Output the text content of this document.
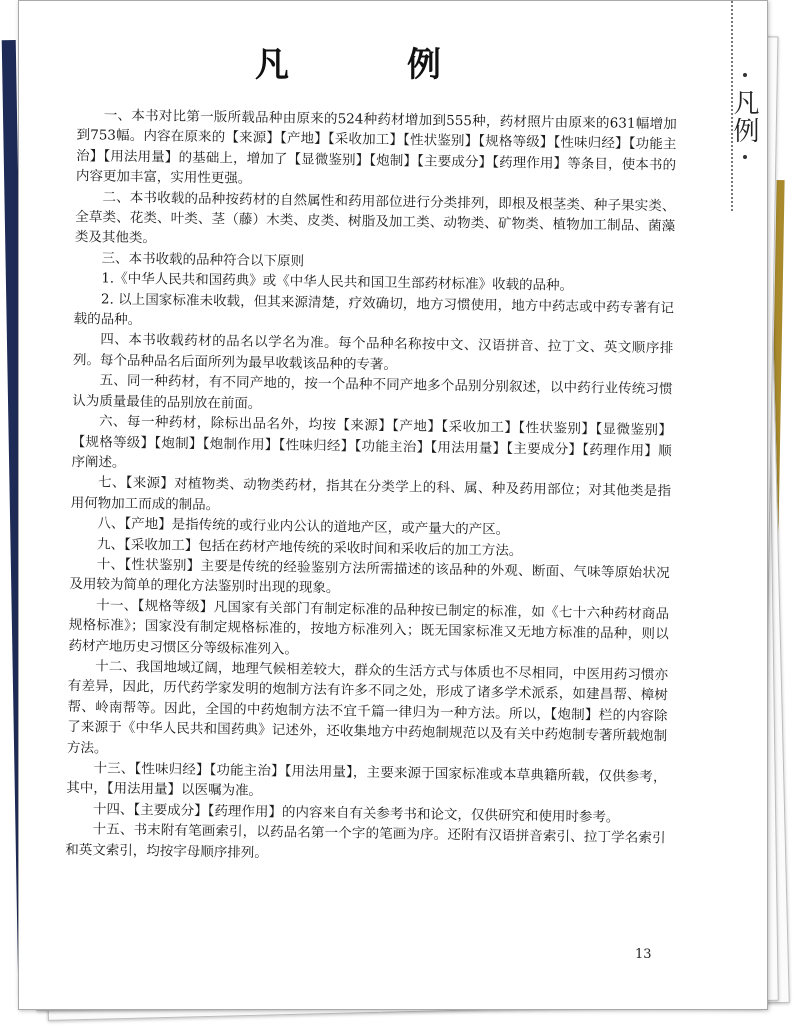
凡例
凡　例

一、本书对比第一版所载品种由原来的524种药材增加到555种，药材照片由原来的631幅增加到753幅。内容在原来的【来源】【产地】【采收加工】【性状鉴别】【规格等级】【性味归经】【功能主治】【用法用量】的基础上，增加了【显微鉴别】【炮制】【主要成分】【药理作用】等条目，使本书的内容更加丰富，实用性更强。

二、本书收载的品种按药材的自然属性和药用部位进行分类排列，即根及根茎类、种子果实类、全草类、花类、叶类、茎（藤）木类、皮类、树脂及加工类、动物类、矿物类、植物加工制品、菌藻类及其他类。

三、本书收载的品种符合以下原则

1.《中华人民共和国药典》或《中华人民共和国卫生部药材标准》收载的品种。

2. 以上国家标准未收载，但其来源清楚，疗效确切，地方习惯使用，地方中药志或中药专著有记载的品种。

四、本书收载药材的品名以学名为准。每个品种名称按中文、汉语拼音、拉丁文、英文顺序排列。每个品种品名后面所列为最早收载该品种的专著。

五、同一种药材，有不同产地的，按一个品种不同产地多个品别分别叙述，以中药行业传统习惯认为质量最佳的品别放在前面。

六、每一种药材，除标出品名外，均按【来源】【产地】【采收加工】【性状鉴别】【显微鉴别】【规格等级】【炮制】【炮制作用】【性味归经】【功能主治】【用法用量】【主要成分】【药理作用】顺序阐述。

七、【来源】对植物类、动物类药材，指其在分类学上的科、属、种及药用部位；对其他类是指用何物加工而成的制品。

八、【产地】是指传统的或行业内公认的道地产区，或产量大的产区。

九、【采收加工】包括在药材产地传统的采收时间和采收后的加工方法。

十、【性状鉴别】主要是传统的经验鉴别方法所需描述的该品种的外观、断面、气味等原始状况及用较为简单的理化方法鉴别时出现的现象。

十一、【规格等级】凡国家有关部门有制定标准的品种按已制定的标准，如《七十六种药材商品规格标准》；国家没有制定规格标准的，按地方标准列入；既无国家标准又无地方标准的品种，则以药材产地历史习惯区分等级标准列入。

十二、我国地域辽阔，地理气候相差较大，群众的生活方式与体质也不尽相同，中医用药习惯亦有差异，因此，历代药学家发明的炮制方法有许多不同之处，形成了诸多学术派系，如建昌帮、樟树帮、岭南帮等。因此，全国的中药炮制方法不宜千篇一律归为一种方法。所以，【炮制】栏的内容除了来源于《中华人民共和国药典》记述外，还收集地方中药炮制规范以及有关中药炮制专著所载炮制方法。

十三、【性味归经】【功能主治】【用法用量】，主要来源于国家标准或本草典籍所载，仅供参考，其中，【用法用量】以医嘱为准。

十四、【主要成分】【药理作用】的内容来自有关参考书和论文，仅供研究和使用时参考。

十五、书末附有笔画索引，以药品名第一个字的笔画为序。还附有汉语拼音索引、拉丁学名索引和英文索引，均按字母顺序排列。

13
